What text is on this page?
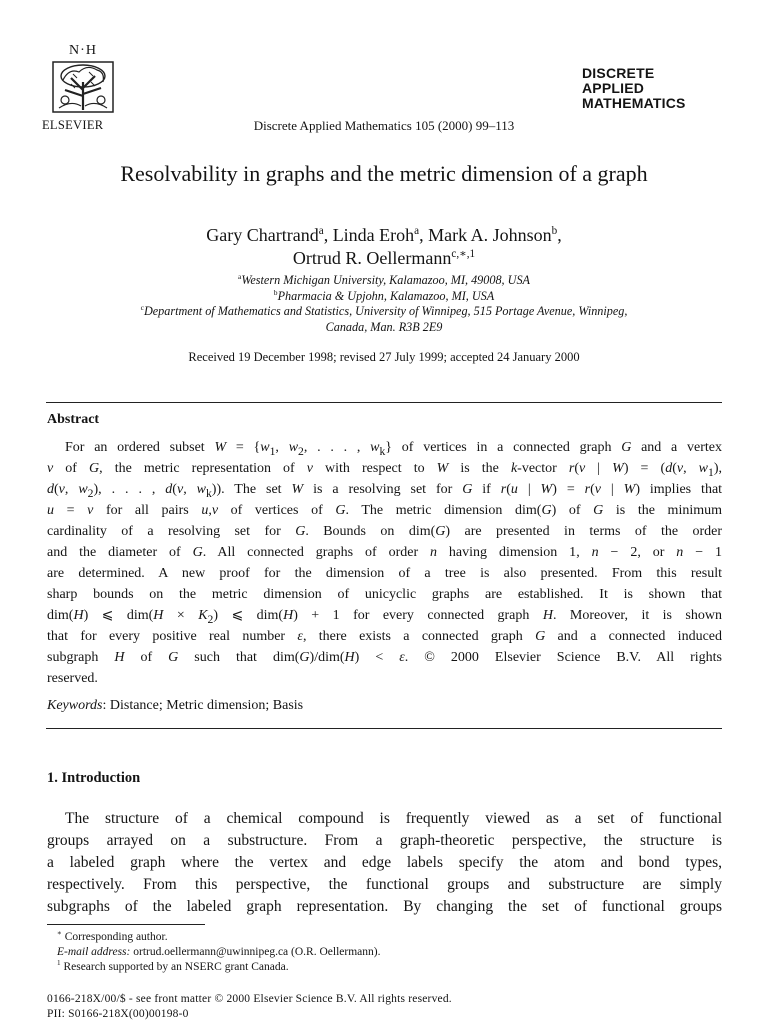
N·H
ELSEVIER	Discrete Applied Mathematics 105 (2000) 99–113
DISCRETE
APPLIED
MATHEMATICS
Resolvability in graphs and the metric dimension of a graph
Gary Chartrand$^a$, Linda Eroh$^a$, Mark A. Johnson$^b$,
Ortrud R. Oellermann$^{c,∗,1}$
$^a$Western Michigan University, Kalamazoo, MI, 49008, USA
$^b$Pharmacia & Upjohn, Kalamazoo, MI, USA
$^c$Department of Mathematics and Statistics, University of Winnipeg, 515 Portage Avenue, Winnipeg,
Canada, Man. R3B 2E9
Received 19 December 1998; revised 27 July 1999; accepted 24 January 2000
Abstract
For an ordered subset $W = \{w_1$, $w_2$, . . . , $w_k$} of vertices in a connected graph G and a vertex
v of G, the metric representation of v with respect to W is the k-vector r(v | W) = (d(v, $w_1$),
d(v, $w_2$), . . . , d(v, $w_k$)). The set W is a resolving set for G if r(u | W) = r(v | W) implies that
u = v for all pairs u,v of vertices of G. The metric dimension dim(G) of G is the minimum
cardinality of a resolving set for G. Bounds on dim(G) are presented in terms of the order
and the diameter of G. All connected graphs of order n having dimension 1, n − 2, or n − 1
are determined. A new proof for the dimension of a tree is also presented. From this result
sharp bounds on the metric dimension of unicyclic graphs are established. It is shown that
dim(H) ⩽ $dim(H \times K_2)$ ⩽ dim(H) + 1 for every connected graph H. Moreover, it is shown
that for every positive real number ε, there exists a connected graph G and a connected induced
subgraph H of G such that dim(G)/dim(H) < ε. © 2000 Elsevier Science B.V. All rights
reserved.
Keywords: Distance; Metric dimension; Basis
1. Introduction
The structure of a chemical compound is frequently viewed as a set of functional
groups arrayed on a substructure. From a graph-theoretic perspective, the structure is
a labeled graph where the vertex and edge labels specify the atom and bond types,
respectively. From this perspective, the functional groups and substructure are simply
subgraphs of the labeled graph representation. By changing the set of functional groups
∗ Corresponding author.
E-mail address: ortrud.oellermann@uwinnipeg.ca (O.R. Oellermann).
$^1$ Research supported by an NSERC grant Canada.
0166-218X/00/$ - see front matter © 2000 Elsevier Science B.V. All rights reserved.
PII: S0166-218X(00)00198-0
